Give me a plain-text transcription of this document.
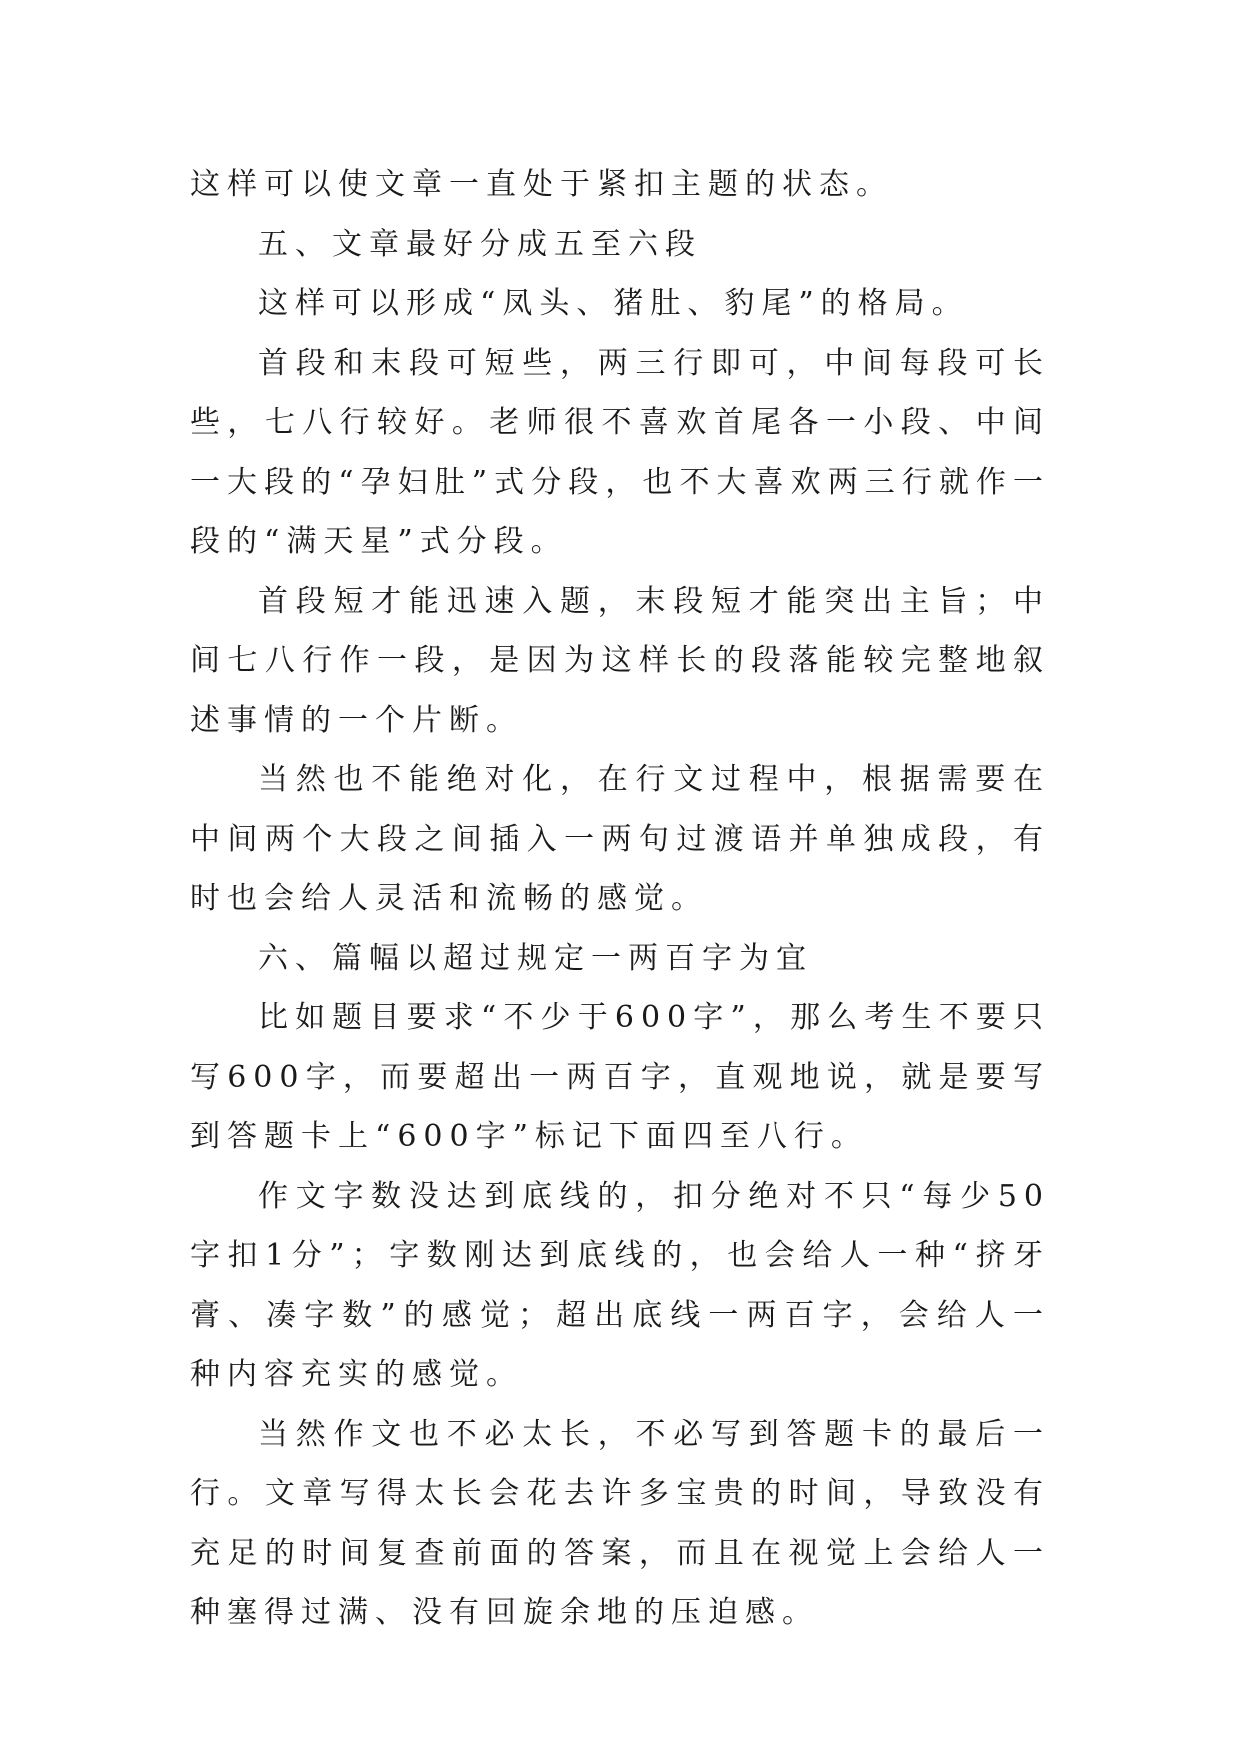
这样可以使文章一直处于紧扣主题的状态。

五、文章最好分成五至六段

这样可以形成“凤头、猪肚、豹尾”的格局。

首段和末段可短些，两三行即可，中间每段可长些，七八行较好。老师很不喜欢首尾各一小段、中间一大段的“孕妇肚”式分段，也不大喜欢两三行就作一段的“满天星”式分段。

首段短才能迅速入题，末段短才能突出主旨；中间七八行作一段，是因为这样长的段落能较完整地叙述事情的一个片断。

当然也不能绝对化，在行文过程中，根据需要在中间两个大段之间插入一两句过渡语并单独成段，有时也会给人灵活和流畅的感觉。

六、篇幅以超过规定一两百字为宜

比如题目要求“不少于600字”，那么考生不要只写600字，而要超出一两百字，直观地说，就是要写到答题卡上“600字”标记下面四至八行。

作文字数没达到底线的，扣分绝对不只“每少50字扣1分”；字数刚达到底线的，也会给人一种“挤牙膏、凑字数”的感觉；超出底线一两百字，会给人一种内容充实的感觉。

当然作文也不必太长，不必写到答题卡的最后一行。文章写得太长会花去许多宝贵的时间，导致没有充足的时间复查前面的答案，而且在视觉上会给人一种塞得过满、没有回旋余地的压迫感。
